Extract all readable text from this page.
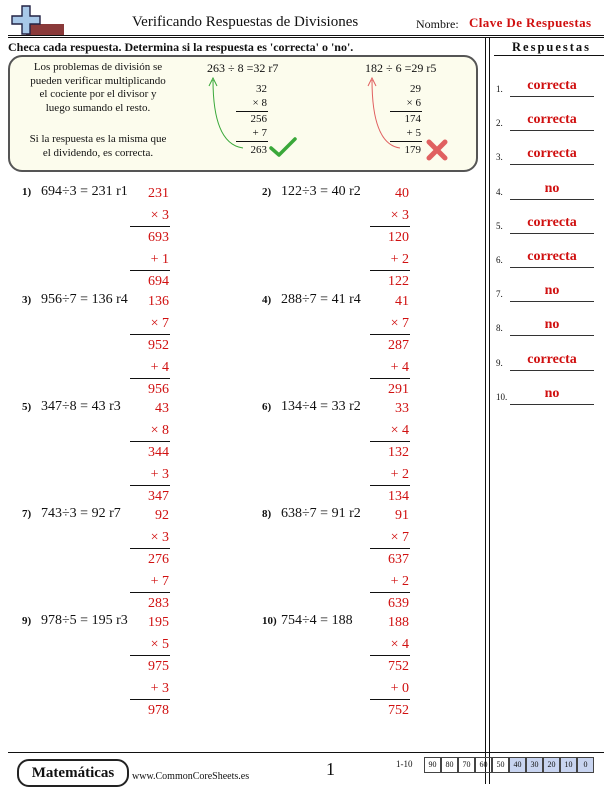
Verificando Respuestas de Divisiones	Nombre: Clave De Respuestas
Checa cada respuesta. Determina si la respuesta es 'correcta' o 'no'.	Respuestas
Los problemas de división se
pueden verificar multiplicando
el cociente por el divisor y
luego sumando el resto.
Si la respuesta es la misma que
el dividendo, es correcta.
263 ÷ 8 =32 r7
32
× 8
256
+ 7
263
182 ÷ 6 =29 r5
29
× 6
174
+ 5
179
1) 694÷3 = 231 r1	231
× 3
693
+ 1
694
2) 122÷3 = 40 r2	40
× 3
120
+ 2
122
3) 956÷7 = 136 r4	136
× 7
952
+ 4
956
4) 288÷7 = 41 r4	41
× 7
287
+ 4
291
5) 347÷8 = 43 r3	43
× 8
344
+ 3
347
6) 134÷4 = 33 r2	33
× 4
132
+ 2
134
7) 743÷3 = 92 r7	92
× 3
276
+ 7
283
8) 638÷7 = 91 r2	91
× 7
637
+ 2
639
9) 978÷5 = 195 r3	195
× 5
975
+ 3
978
10) 754÷4 = 188	188
× 4
752
+ 0
752
1.	correcta
2.	correcta
3.	correcta
4.	no
5.	correcta
6.	correcta
7.	no
8.	no
9.	correcta
10.	no
Matemáticas	www.CommonCoreSheets.es	1	1-10	90	80	70	60	50	40	30	20	10	0
